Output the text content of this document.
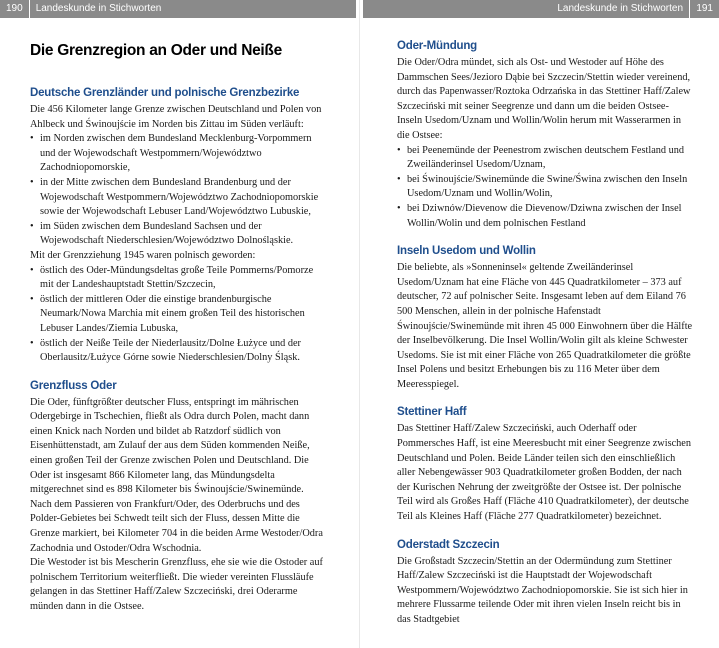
190 Landeskunde in Stichworten	Landeskunde in Stichworten	191
Die Grenzregion an Oder und Neiße
Deutsche Grenzländer und polnische Grenzbezirke

Die 456 Kilometer lange Grenze zwischen Deutschland und Polen von Ahlbeck und Świnoujście im Norden bis Zittau im Süden verläuft:

• im Norden zwischen dem Bundesland Mecklenburg-Vorpommern und der Wojewodschaft Westpommern/Województwo Zachodniopomorskie,
• in der Mitte zwischen dem Bundesland Brandenburg und der Wojewodschaft Westpommern/Województwo Zachodniopomorskie sowie der Wojewodschaft Lebuser Land/Województwo Lubuskie,
• im Süden zwischen dem Bundesland Sachsen und der Wojewodschaft Niederschlesien/Województwo Dolnośląskie.

Mit der Grenzziehung 1945 waren polnisch geworden:

• östlich des Oder-Mündungsdeltas große Teile Pommerns/Pomorze mit der Landeshauptstadt Stettin/Szczecin,
• östlich der mittleren Oder die einstige brandenburgische Neumark/Nowa Marchia mit einem großen Teil des historischen Lebuser Landes/Ziemia Lubuska,
• östlich der Neiße Teile der Niederlausitz/Dolne Łużyce und der Oberlausitz/Łużyce Górne sowie Niederschlesien/Dolny Śląsk.
Grenzfluss Oder

Die Oder, fünftgrößter deutscher Fluss, entspringt im mährischen Odergebirge in Tschechien, fließt als Odra durch Polen, macht dann einen Knick nach Norden und bildet ab Ratzdorf südlich von Eisenhüttenstadt, am Zulauf der aus dem Süden kommenden Neiße, einen großen Teil der Grenze zwischen Polen und Deutschland. Die Oder ist insgesamt 866 Kilometer lang, das Mündungsdelta mitgerechnet sind es 898 Kilometer bis Świnoujście/Swinemünde. Nach dem Passieren von Frankfurt/Oder, des Oderbruchs und des Polder-Gebietes bei Schwedt teilt sich der Fluss, dessen Mitte die Grenze markiert, bei Kilometer 704 in die beiden Arme Westoder/Odra Zachodnia und Ostoder/Odra Wschodnia.

Die Westoder ist bis Mescherin Grenzfluss, ehe sie wie die Ostoder auf polnischem Territorium weiterfließt. Die wieder vereinten Flussläufe gelangen in das Stettiner Haff/Zalew Szczeciński, drei Oderarme münden dann in die Ostsee.

Oder-Mündung

Die Oder/Odra mündet, sich als Ost- und Westoder auf Höhe des Dammschen Sees/Jezioro Dąbie bei Szczecin/Stettin wieder vereinend, durch das Papenwasser/Roztoka Odrzańska in das Stettiner Haff/Zalew Szczeciński mit seiner Seegrenze und dann um die beiden Ostsee-Inseln Usedom/Uznam und Wollin/Wolin herum mit Wasserarmen in die Ostsee:

• bei Peenemünde der Peenestrom zwischen deutschem Festland und Zweiländerinsel Usedom/Uznam,
• bei Świnoujście/Swinemünde die Swine/Świna zwischen den Inseln Usedom/Uznam und Wollin/Wolin,
• bei Dziwnów/Dievenow die Dievenow/Dziwna zwischen der Insel Wollin/Wolin und dem polnischen Festland
Inseln Usedom und Wollin

Die beliebte, als »Sonneninsel« geltende Zweiländerinsel Usedom/Uznam hat eine Fläche von 445 Quadratkilometer – 373 auf deutscher, 72 auf polnischer Seite. Insgesamt leben auf dem Eiland 76 500 Menschen, allein in der polnische Hafenstadt Świnoujście/Swinemünde mit ihren 45 000 Einwohnern über die Hälfte der Inselbevölkerung. Die Insel Wollin/Wolin gilt als kleine Schwester Usedoms. Sie ist mit einer Fläche von 265 Quadratkilometer die größte Insel Polens und besitzt Erhebungen bis zu 116 Meter über dem Meeresspiegel.

Stettiner Haff

Das Stettiner Haff/Zalew Szczeciński, auch Oderhaff oder Pommersches Haff, ist eine Meeresbucht mit einer Seegrenze zwischen Deutschland und Polen. Beide Länder teilen sich den einschließlich aller Nebengewässer 903 Quadratkilometer großen Bodden, der nach der Kurischen Nehrung der zweitgrößte der Ostsee ist. Der polnische Teil wird als Großes Haff (Fläche 410 Quadratkilometer), der deutsche Teil als Kleines Haff (Fläche 277 Quadratkilometer) bezeichnet.

Oderstadt Szczecin

Die Großstadt Szczecin/Stettin an der Odermündung zum Stettiner Haff/Zalew Szczeciński ist die Hauptstadt der Wojewodschaft Westpommern/Województwo Zachodniopomorskie. Sie ist sich hier in mehrere Flussarme teilende Oder mit ihren vielen Inseln reicht bis in das Stadtgebiet
